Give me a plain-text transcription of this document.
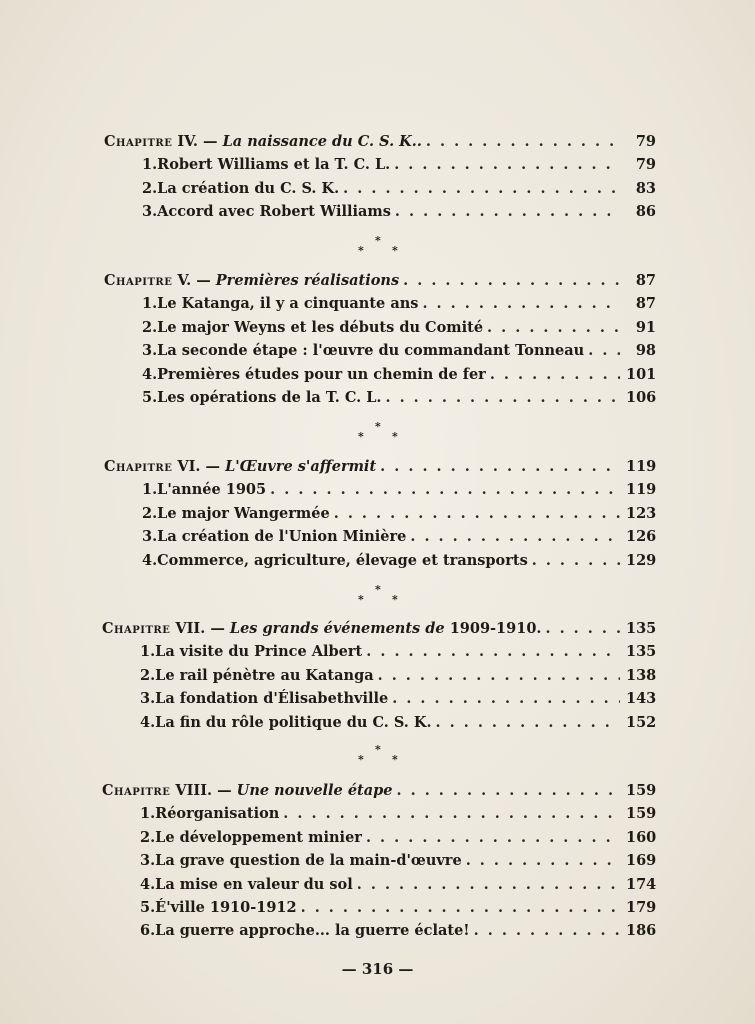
Chapitre IV. — La naissance du C. S. K.. . . .	79
1. Robert Williams et la T. C. L. . . .	79
2. La création du C. S. K. . . .	83
3. Accord avec Robert Williams . . .	86
*
*	*
Chapitre V. — Premières réalisations . . .	87
1. Le Katanga, il y a cinquante ans . . .	87
2. Le major Weyns et les débuts du Comité . . .	91
3. La seconde étape : l'œuvre du commandant Tonneau . . .	98
4. Premières études pour un chemin de fer . . .	101
5. Les opérations de la T. C. L. . . .	106
*
*	*
Chapitre VI. — L'Œuvre s'affermit . . .	119
1. L'année 1905 . . .	119
2. Le major Wangermée . . .	123
3. La création de l'Union Minière . . .	126
4. Commerce, agriculture, élevage et transports . . .	129
*
*	*
Chapitre VII. — Les grands événements de 1909-1910. . . .	135
1. La visite du Prince Albert . . .	135
2. Le rail pénètre au Katanga . . .	138
3. La fondation d'Élisabethville . . .	143
4. La fin du rôle politique du C. S. K. . . .	152
*
*	*
Chapitre VIII. — Une nouvelle étape . . .	159
1. Réorganisation . . .	159
2. Le développement minier . . .	160
3. La grave question de la main-d'œuvre . . .	169
4. La mise en valeur du sol . . .	174
5. É'ville 1910-1912 . . .	179
6. La guerre approche... la guerre éclate! . . .	186
— 316 —
